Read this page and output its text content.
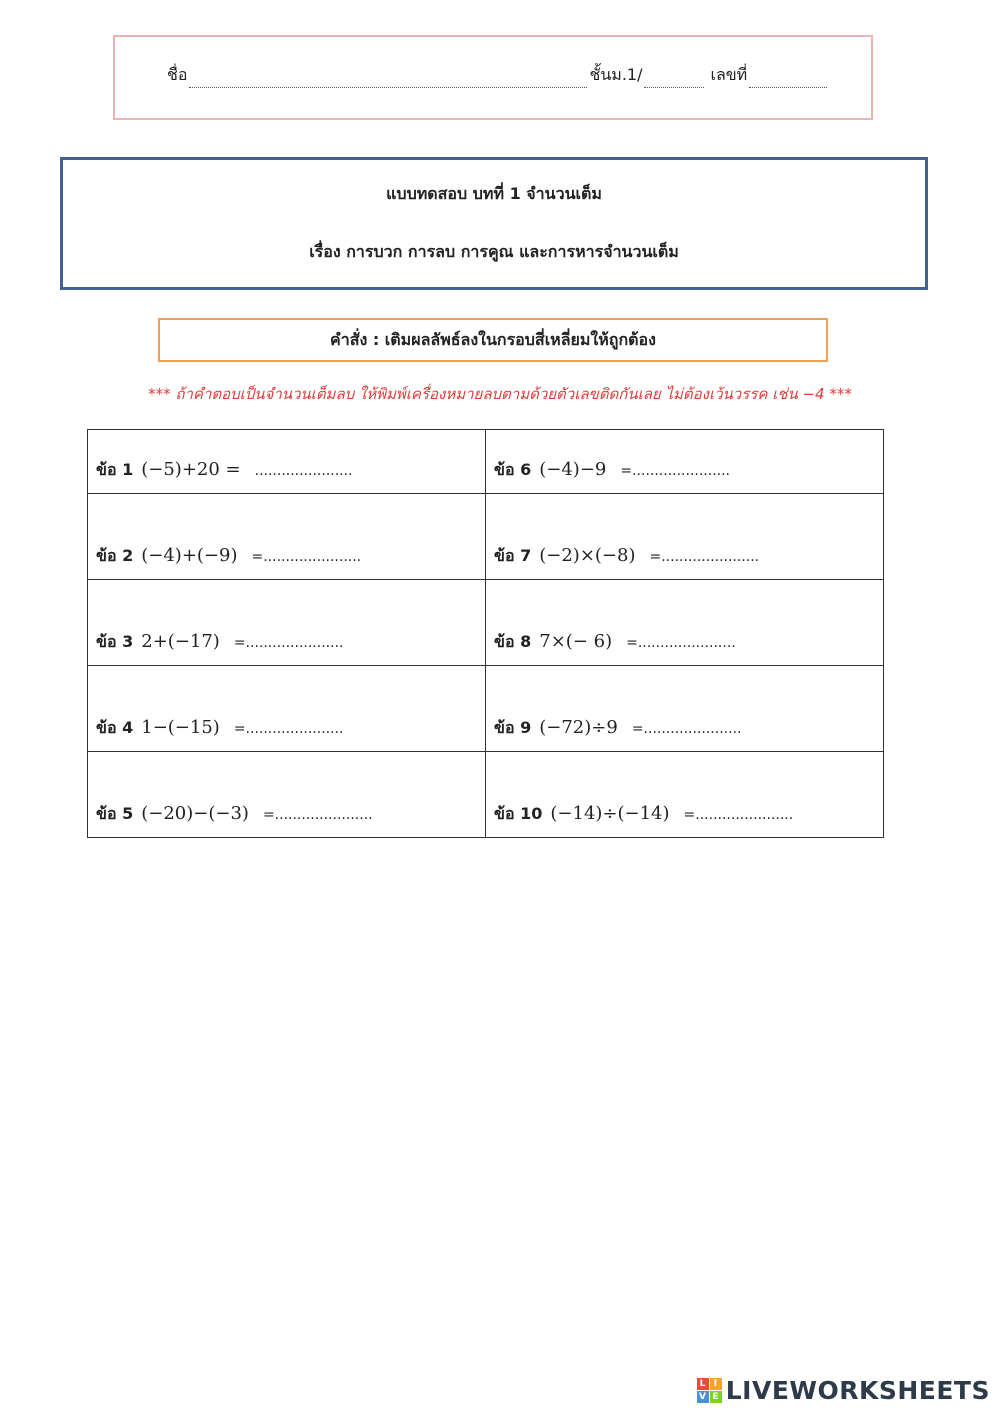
ชื่อ	ชั้นม.1/	เลขที่
แบบทดสอบ บทที่ 1 จำนวนเต็ม
เรื่อง การบวก การลบ การคูณ และการหารจำนวนเต็ม
คำสั่ง : เติมผลลัพธ์ลงในกรอบสี่เหลี่ยมให้ถูกต้อง
*** ถ้าคำตอบเป็นจำนวนเต็มลบ ให้พิมพ์เครื่องหมายลบตามด้วยตัวเลขติดกันเลย ไม่ต้องเว้นวรรค เช่น −4 ***
ข้อ 1 (−5)+20 = ......................	ข้อ 6 (−4)−9 =......................
ข้อ 2 (−4)+(−9) =......................	ข้อ 7 (−2)×(−8) =......................
ข้อ 3 2+(−17) =......................	ข้อ 8 7×(− 6) =......................
ข้อ 4 1−(−15) =......................	ข้อ 9 (−72)÷9 =......................
ข้อ 5 (−20)−(−3) =......................	ข้อ 10 (−14)÷(−14) =......................
L I
V E LIVEWORKSHEETS
